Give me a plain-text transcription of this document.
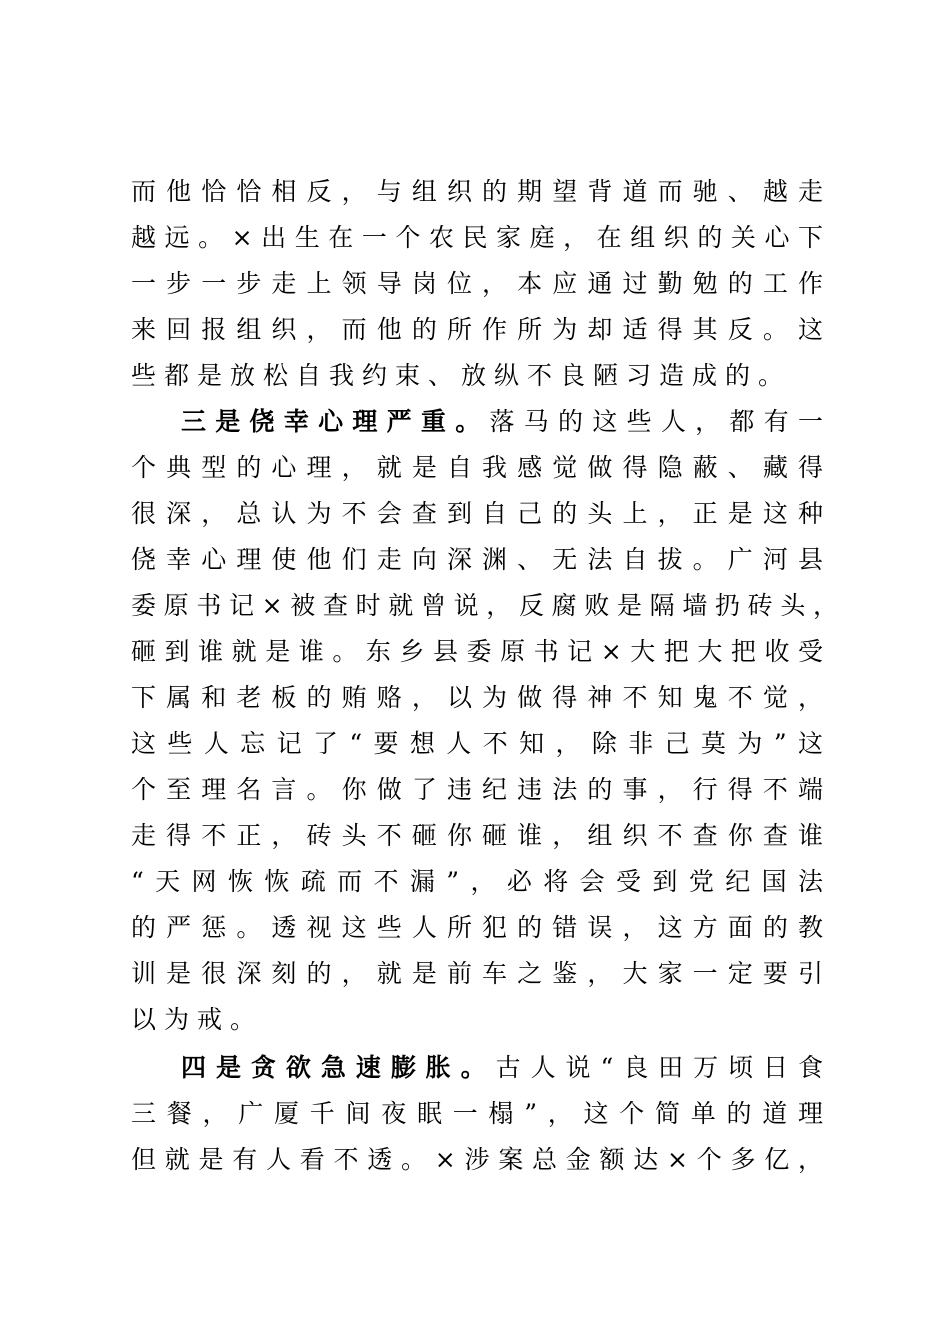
而他恰恰相反，与组织的期望背道而驰、越走
越远。×出生在一个农民家庭，在组织的关心下
一步一步走上领导岗位，本应通过勤勉的工作
来回报组织，而他的所作所为却适得其反。这
些都是放松自我约束、放纵不良陋习造成的。
三是侥幸心理严重。落马的这些人，都有一
个典型的心理，就是自我感觉做得隐蔽、藏得
很深，总认为不会查到自己的头上，正是这种
侥幸心理使他们走向深渊、无法自拔。广河县
委原书记×被查时就曾说，反腐败是隔墙扔砖头，
砸到谁就是谁。东乡县委原书记×大把大把收受
下属和老板的贿赂，以为做得神不知鬼不觉，
这些人忘记了“要想人不知，除非己莫为”这
个至理名言。你做了违纪违法的事，行得不端
走得不正，砖头不砸你砸谁，组织不查你查谁
“天网恢恢疏而不漏”，必将会受到党纪国法
的严惩。透视这些人所犯的错误，这方面的教
训是很深刻的，就是前车之鉴，大家一定要引
以为戒。
四是贪欲急速膨胀。古人说“良田万顷日食
三餐，广厦千间夜眠一榻”，这个简单的道理
但就是有人看不透。×涉案总金额达×个多亿，
